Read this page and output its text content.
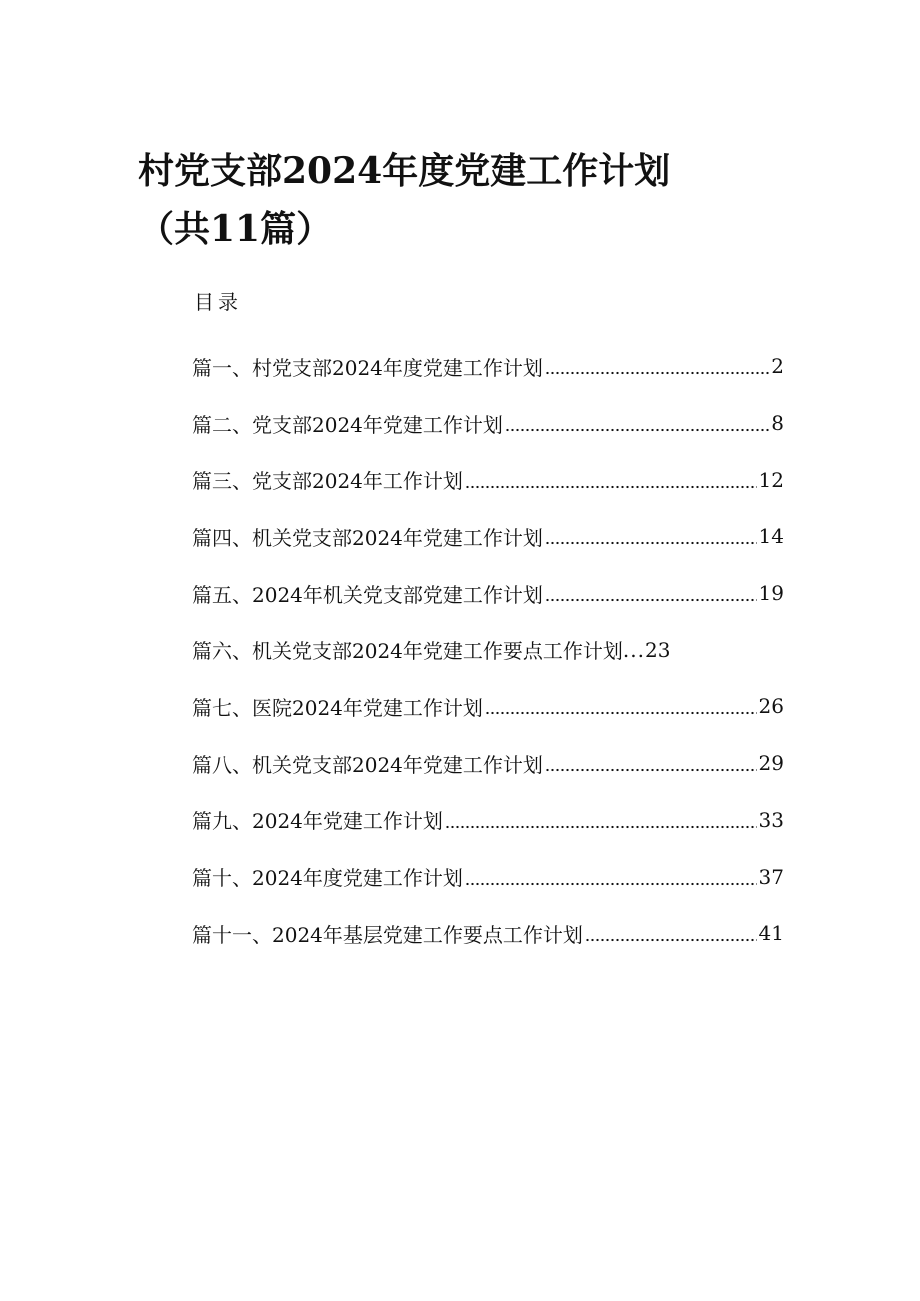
村党支部2024年度党建工作计划（共11篇）
目录
篇一、村党支部2024年度党建工作计划	2
篇二、党支部2024年党建工作计划	8
篇三、党支部2024年工作计划	12
篇四、机关党支部2024年党建工作计划	14
篇五、2024年机关党支部党建工作计划	19
篇六、机关党支部2024年党建工作要点工作计划 ... 23
篇七、医院2024年党建工作计划	26
篇八、机关党支部2024年党建工作计划	29
篇九、2024年党建工作计划	33
篇十、2024年度党建工作计划	37
篇十一、2024年基层党建工作要点工作计划	41
